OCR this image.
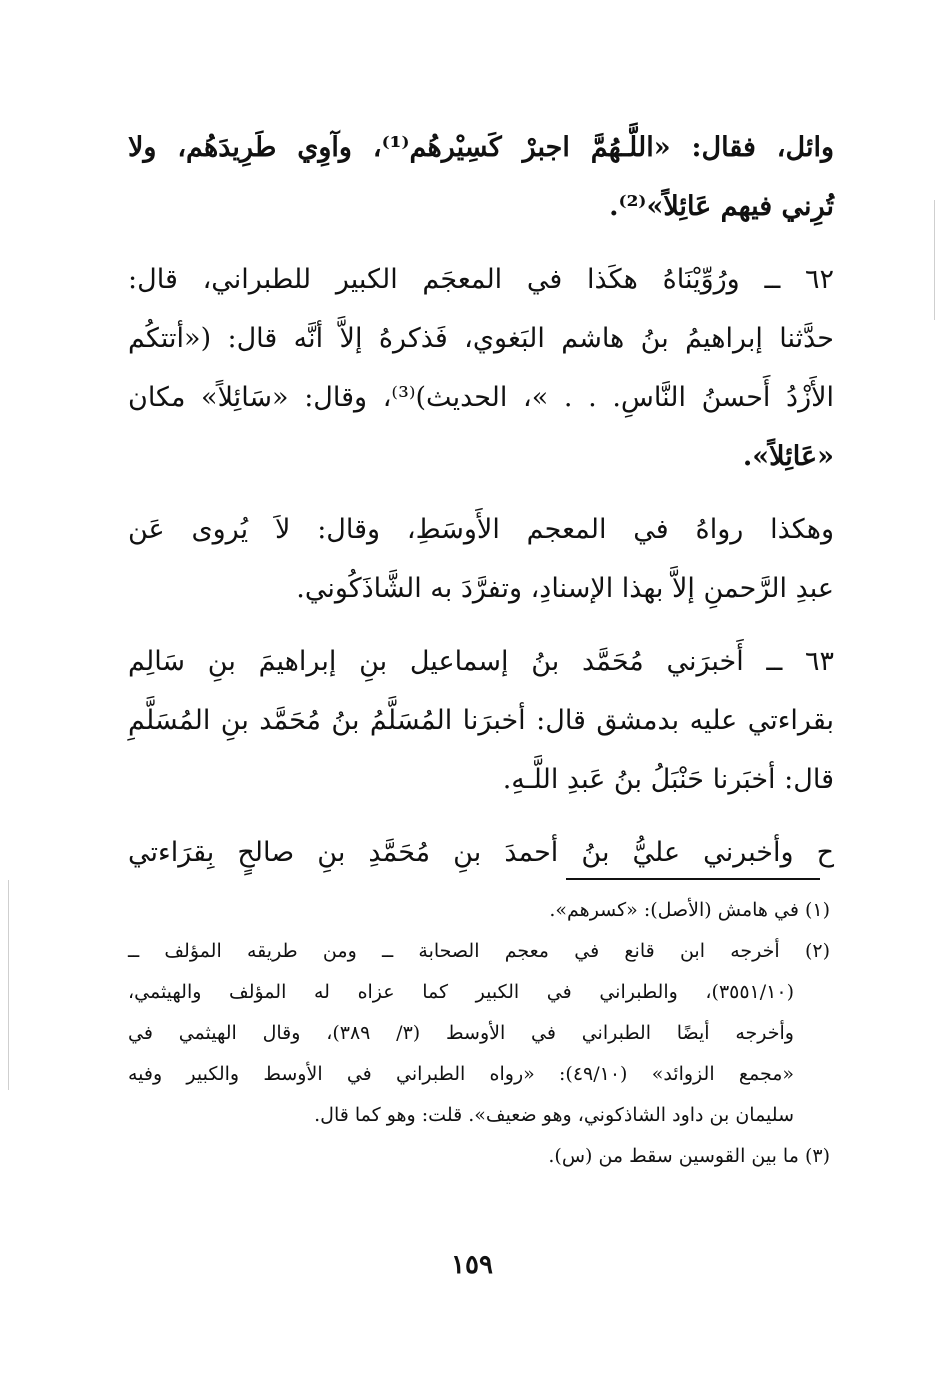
وائل، فقال: «اللَّـهُمَّ اجبرْ كَسِيْرهُم⁽¹⁾، وآوِي طَرِيدَهُم، ولا
تُرِني فيهم عَائِلاً»⁽²⁾.

٦٢ ــ ورُوِّيْنَاهُ هكَذا في المعجَم الكبير للطبراني، قال:
حدَّثنا إبراهيمُ بنُ هاشم البَغوي، فَذكرهُ إلاَّ أنَّه قال: («أتتكُم
الأَزْدُ أَحسنُ النَّاسِ. . . »، الحديث)⁽³⁾، وقال: «سَائِلاً» مكان
«عَائِلاً».

وهكذا رواهُ في المعجم الأَوسَطِ، وقال: لاَ يُروى عَن
عبدِ الرَّحمنِ إلاَّ بهذا الإسنادِ، وتفرَّدَ به الشَّاذَكُوني.

٦٣ ــ أَخبرَني مُحَمَّد بنُ إسماعيل بنِ إبراهيمَ بنِ سَالِم
بقراءتي عليه بدمشق قال: أخبرَنا المُسَلَّمُ بنُ مُحَمَّد بنِ المُسَلَّمِ
قال: أخبَرنا حَنْبَلُ بنُ عَبدِ اللَّـهِ.

ح وأخبرني عليُّ بنُ أحمدَ بنِ مُحَمَّدِ بنِ صالحٍ بِقرَاءتي

(١) في هامش (الأصل): «كسرهم».
(٢) أخرجه ابن قانع في معجم الصحابة ــ ومن طريقه المؤلف ــ
(٣٥٥١/١٠)، والطبراني في الكبير كما عزاه له المؤلف والهيثمي،
وأخرجه أيضًا الطبراني في الأوسط (٣/ ٣٨٩)، وقال الهيثمي في
«مجمع الزوائد» (٤٩/١٠): «رواه الطبراني في الأوسط والكبير وفيه
سليمان بن داود الشاذكوني، وهو ضعيف». قلت: وهو كما قال.
(٣) ما بين القوسين سقط من (س).
١٥٩
